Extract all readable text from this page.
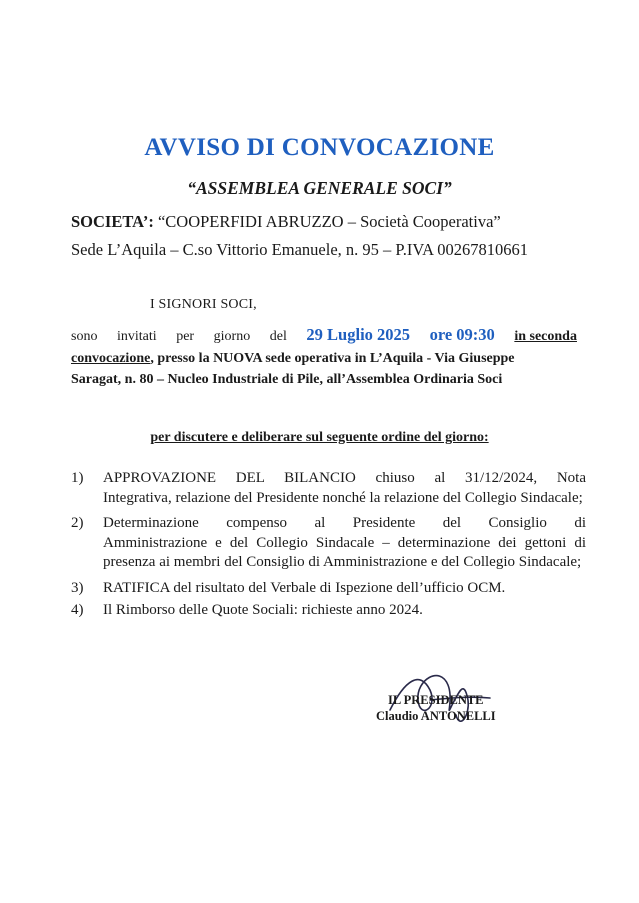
AVVISO DI CONVOCAZIONE
“ASSEMBLEA GENERALE SOCI”
SOCIETA’: “COOPERFIDI ABRUZZO – Società Cooperativa”
Sede L’Aquila – C.so Vittorio Emanuele, n. 95 – P.IVA 00267810661
I SIGNORI SOCI,
sono invitati per giorno del 29 Luglio 2025 ore 09:30 in seconda
convocazione, presso la NUOVA sede operativa in L’Aquila - Via Giuseppe
Saragat, n. 80 – Nucleo Industriale di Pile, all’Assemblea Ordinaria Soci
per discutere e deliberare sul seguente ordine del giorno:
1)	APPROVAZIONE DEL BILANCIO chiuso al 31/12/2024, Nota
Integrativa, relazione del Presidente nonché la relazione del Collegio Sindacale;
2)	Determinazione compenso al Presidente del Consiglio di
Amministrazione e del Collegio Sindacale – determinazione dei gettoni di presenza ai membri del Consiglio di Amministrazione e del Collegio Sindacale;
3)	RATIFICA del risultato del Verbale di Ispezione dell’ufficio OCM.
4)	Il Rimborso delle Quote Sociali: richieste anno 2024.
IL PRESIDENTE
Claudio ANTONELLI
